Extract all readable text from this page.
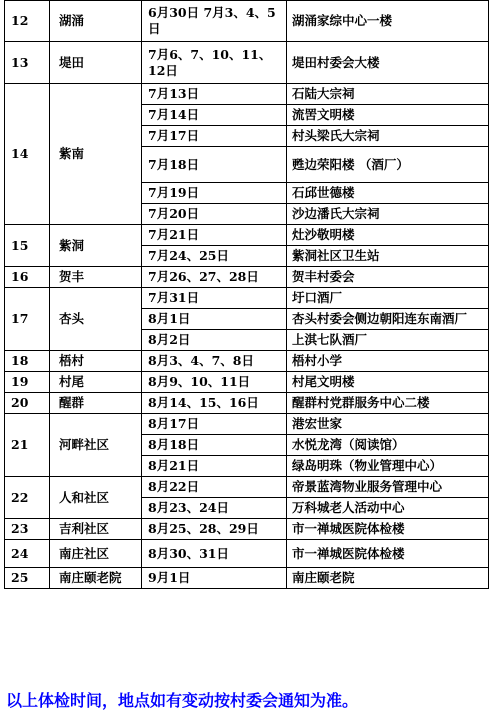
12	湖涌	6月30日 7月3、4、5日	湖涌家综中心一楼
13	堤田	7月6、7、10、11、12日	堤田村委会大楼
14	紫南	7月13日	石陆大宗祠
		7月14日	流罟文明楼
		7月17日	村头梁氏大宗祠
		7月18日	甦边荣阳楼 （酒厂）
		7月19日	石邱世德楼
		7月20日	沙边潘氏大宗祠
15	紫洞	7月21日	灶沙敬明楼
		7月24、25日	紫洞社区卫生站
16	贺丰	7月26、27、28日	贺丰村委会
17	杏头	7月31日	圩口酒厂
		8月1日	杏头村委会侧边朝阳连东南酒厂
		8月2日	上淇七队酒厂
18	梧村	8月3、4、7、8日	梧村小学
19	村尾	8月9、10、11日	村尾文明楼
20	醒群	8月14、15、16日	醒群村党群服务中心二楼
21	河畔社区	8月17日	港宏世家
		8月18日	水悦龙湾（阅读馆）
		8月21日	绿岛明珠（物业管理中心）
22	人和社区	8月22日	帝景蓝湾物业服务管理中心
		8月23、24日	万科城老人活动中心
23	吉利社区	8月25、28、29日	市一禅城医院体检楼
24	南庄社区	8月30、31日	市一禅城医院体检楼
25	南庄颐老院	9月1日	南庄颐老院
以上体检时间，地点如有变动按村委会通知为准。
